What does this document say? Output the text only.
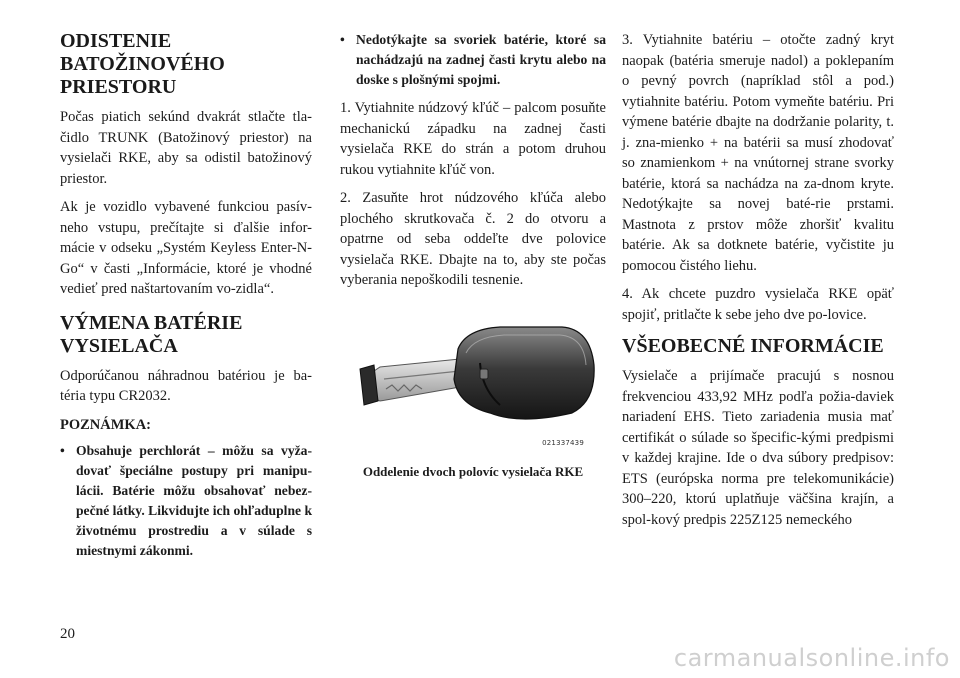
ODISTENIE BATOŽINOVÉHO PRIESTORU

Počas piatich sekúnd dvakrát stlačte tla-čidlo TRUNK (Batožinový priestor) na vysielači RKE, aby sa odistil batožinový priestor.

Ak je vozidlo vybavené funkciou pasív-neho vstupu, prečítajte si ďalšie infor-mácie v odseku „Systém Keyless Enter-N-Go“ v časti „Informácie, ktoré je vhodné vedieť pred naštartovaním vo-zidla“.

VÝMENA BATÉRIE VYSIELAČA

Odporúčanou náhradnou batériou je ba-téria typu CR2032.

POZNÁMKA:

• Obsahuje perchlorát – môžu sa vyža-dovať špeciálne postupy pri manipu-lácii. Batérie môžu obsahovať nebez-pečné látky. Likvidujte ich ohľaduplne k životnému prostrediu a v súlade s miestnymi zákonmi.
• Nedotýkajte sa svoriek batérie, ktoré sa nachádzajú na zadnej časti krytu alebo na doske s plošnými spojmi.

1. Vytiahnite núdzový kľúč – palcom posuňte mechanickú západku na zadnej časti vysielača RKE do strán a potom druhou rukou vytiahnite kľúč von.

2. Zasuňte hrot núdzového kľúča alebo plochého skrutkovača č. 2 do otvoru a opatrne od seba oddeľte dve polovice vysielača RKE. Dbajte na to, aby ste počas vyberania nepoškodili tesnenie.

021337439

Oddelenie dvoch polovíc vysielača RKE

3. Vytiahnite batériu – otočte zadný kryt naopak (batéria smeruje nadol) a poklepaním o pevný povrch (napríklad stôl a pod.) vytiahnite batériu. Potom vymeňte batériu. Pri výmene batérie dbajte na dodržanie polarity, t. j. zna-mienko + na batérii sa musí zhodovať so znamienkom + na vnútornej strane svorky batérie, ktorá sa nachádza na za-dnom kryte. Nedotýkajte sa novej baté-rie prstami. Mastnota z prstov môže zhoršiť kvalitu batérie. Ak sa dotknete batérie, vyčistite ju pomocou čistého liehu.

4. Ak chcete puzdro vysielača RKE opäť spojiť, pritlačte k sebe jeho dve po-lovice.

VŠEOBECNÉ INFORMÁCIE

Vysielače a prijímače pracujú s nosnou frekvenciou 433,92 MHz podľa požia-daviek nariadení EHS. Tieto zariadenia musia mať certifikát o súlade so špecific-kými predpismi v každej krajine. Ide o dva súbory predpisov: ETS (európska norma pre telekomunikácie) 300–220, ktorú uplatňuje väčšina krajín, a spol-kový predpis 225Z125 nemeckého

20
carmanualsonline.info
